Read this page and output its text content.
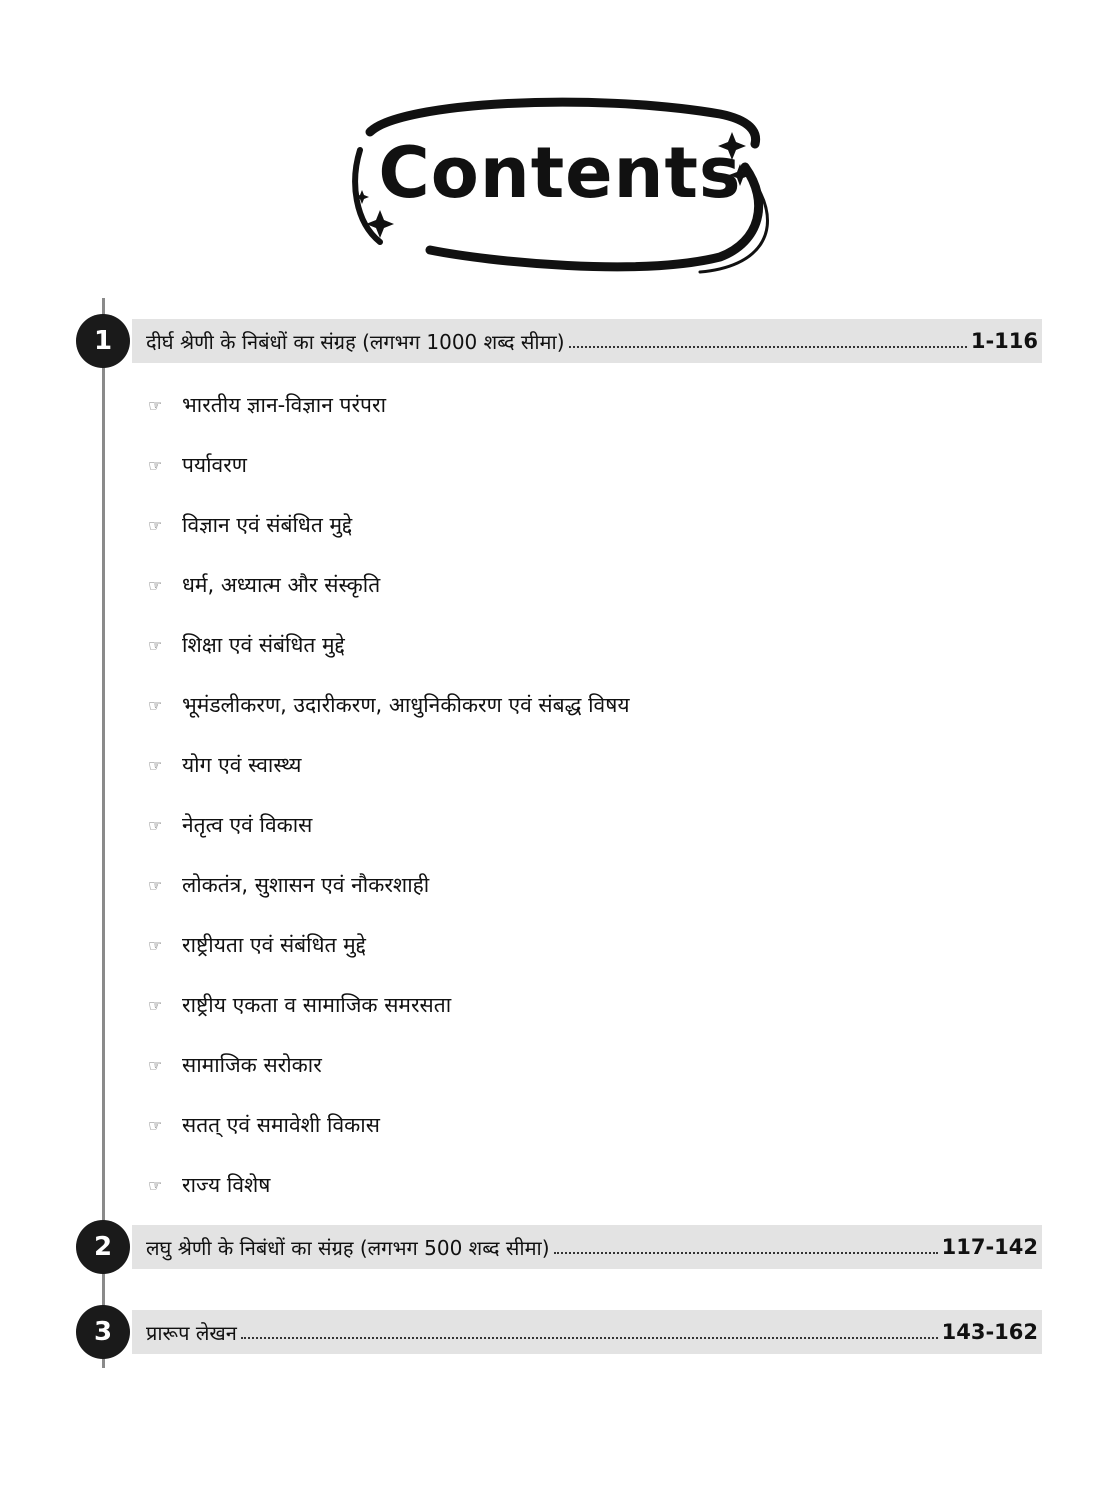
Contents
दीर्घ श्रेणी के निबंधों का संग्रह (लगभग 1000 शब्द सीमा)	1-116
1
☞ भारतीय ज्ञान-विज्ञान परंपरा
☞ पर्यावरण
☞ विज्ञान एवं संबंधित मुद्दे
☞ धर्म, अध्यात्म और संस्कृति
☞ शिक्षा एवं संबंधित मुद्दे
☞ भूमंडलीकरण, उदारीकरण, आधुनिकीकरण एवं संबद्ध विषय
☞ योग एवं स्वास्थ्य
☞ नेतृत्व एवं विकास
☞ लोकतंत्र, सुशासन एवं नौकरशाही
☞ राष्ट्रीयता एवं संबंधित मुद्दे
☞ राष्ट्रीय एकता व सामाजिक समरसता
☞ सामाजिक सरोकार
☞ सतत् एवं समावेशी विकास
☞ राज्य विशेष
लघु श्रेणी के निबंधों का संग्रह (लगभग 500 शब्द सीमा)	117-142
2
प्रारूप लेखन	143-162
3
